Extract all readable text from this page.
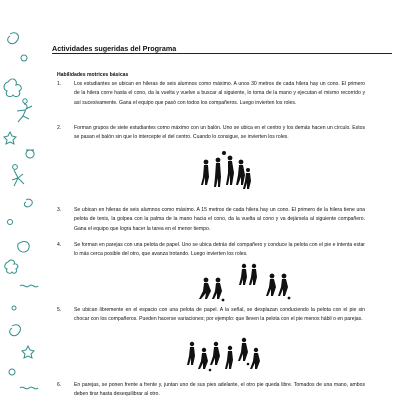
Actividades sugeridas del Programa
Habilidades motrices básicas
1.	Los estudiantes se ubican en hileras de seis alumnos como máximo. A unos 30 metros de cada hilera hay un cono. El primero de la hilera corre hasta el cono, da la vuelta y vuelve a buscar al siguiente, lo toma de la mano y ejecutan el mismo recorrido y así sucesivamente. Gana el equipo que pasó con todos los compañeros. Luego invierten los roles.
2.	Forman grupos de siete estudiantes como máximo con un balón. Uno se ubica en el centro y los demás hacen un círculo. Estos se pasan el balón sin que lo intercepte el del centro. Cuando lo consigue, se invierten los roles.
3.	Se ubican en hileras de seis alumnos como máximo. A 15 metros de cada hilera hay un cono. El primero de la hilera tiene una pelota de tenis, la golpea con la palma de la mano hacia el cono, da la vuelta al cono y va dejársela al siguiente compañero. Gana el equipo que logra hacer la tarea en el menor tiempo.
4.	Se forman en parejas con una pelota de papel. Uno se ubica detrás del compañero y conduce la pelota con el pie e intenta estar lo más cerca posible del otro, que avanza trotando. Luego invierten los roles.
5.	Se ubican libremente en el espacio con una pelota de papel. A la señal, se desplazan conduciendo la pelota con el pie sin chocar con los compañeros. Pueden hacerse variaciones; por ejemplo: que lleven la pelota con el pie menos hábil o en parejas.
6.	En parejas, se ponen frente a frente y, juntan uno de sus pies adelante, el otro pie queda libre. Tomados de una mano, ambos deben tirar hasta desequilibrar al otro.
